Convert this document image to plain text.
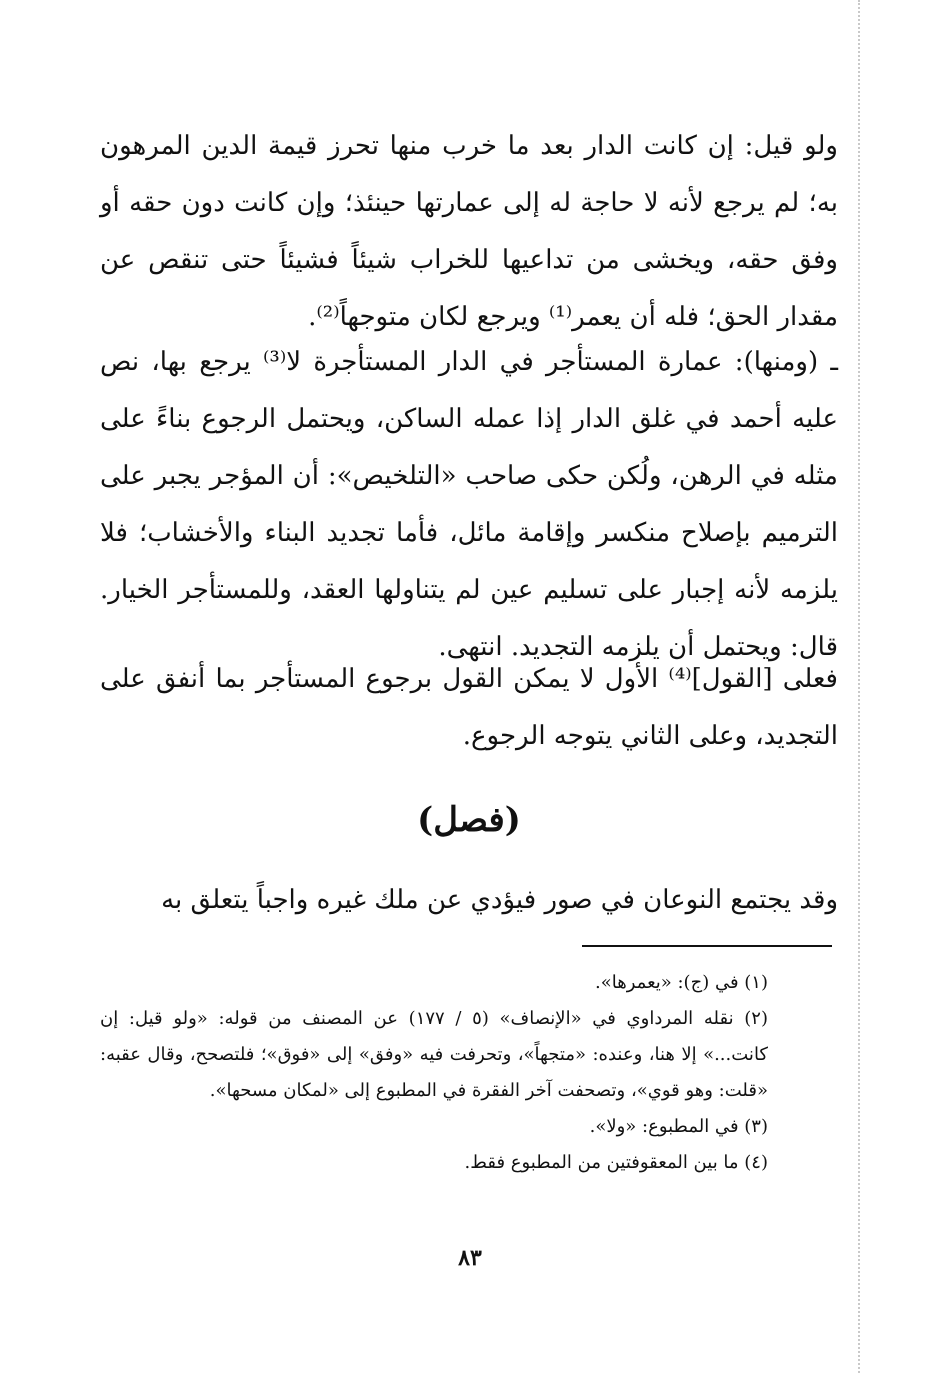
ولو قيل: إن كانت الدار بعد ما خرب منها تحرز قيمة الدين المرهون به؛ لم يرجع لأنه لا حاجة له إلى عمارتها حينئذ؛ وإن كانت دون حقه أو وفق حقه، ويخشى من تداعيها للخراب شيئاً فشيئاً حتى تنقص عن مقدار الحق؛ فله أن يعمر⁽¹⁾ ويرجع لكان متوجهاً⁽²⁾.

ـ (ومنها): عمارة المستأجر في الدار المستأجرة لا⁽³⁾ يرجع بها، نص عليه أحمد في غلق الدار إذا عمله الساكن، ويحتمل الرجوع بناءً على مثله في الرهن، ولُكن حكى صاحب «التلخيص»: أن المؤجر يجبر على الترميم بإصلاح منكسر وإقامة مائل، فأما تجديد البناء والأخشاب؛ فلا يلزمه لأنه إجبار على تسليم عين لم يتناولها العقد، وللمستأجر الخيار. قال: ويحتمل أن يلزمه التجديد. انتهى.

فعلى [القول]⁽⁴⁾ الأول لا يمكن القول برجوع المستأجر بما أنفق على التجديد، وعلى الثاني يتوجه الرجوع.

(فصل)

وقد يجتمع النوعان في صور فيؤدي عن ملك غيره واجباً يتعلق به

(١) في (ج): «يعمرها».

(٢) نقله المرداوي في «الإنصاف» (٥ / ١٧٧) عن المصنف من قوله: «ولو قيل: إن كانت...» إلا هنا، وعنده: «متجهاً»، وتحرفت فيه «وفق» إلى «فوق»؛ فلتصحح، وقال عقبه: «قلت: وهو قوي»، وتصحفت آخر الفقرة في المطبوع إلى «لمكان مسحها».

(٣) في المطبوع: «ولا».

(٤) ما بين المعقوفتين من المطبوع فقط.

٨٣
